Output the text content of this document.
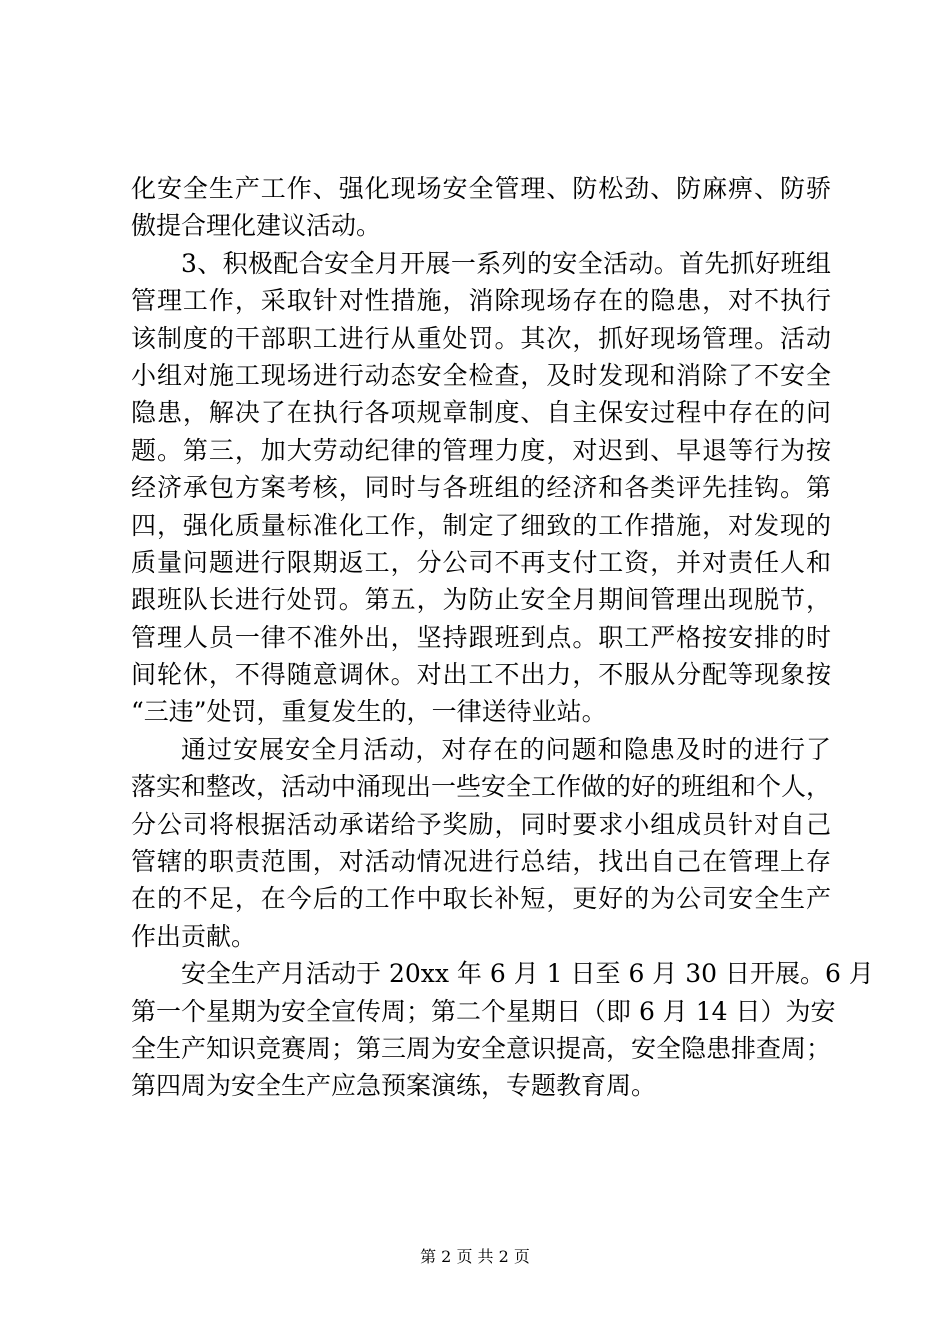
化安全生产工作、强化现场安全管理、防松劲、防麻痹、防骄
傲提合理化建议活动。
3、积极配合安全月开展一系列的安全活动。首先抓好班组
管理工作，采取针对性措施，消除现场存在的隐患，对不执行
该制度的干部职工进行从重处罚。其次，抓好现场管理。活动
小组对施工现场进行动态安全检查，及时发现和消除了不安全
隐患，解决了在执行各项规章制度、自主保安过程中存在的问
题。第三，加大劳动纪律的管理力度，对迟到、早退等行为按
经济承包方案考核，同时与各班组的经济和各类评先挂钩。第
四，强化质量标准化工作，制定了细致的工作措施，对发现的
质量问题进行限期返工，分公司不再支付工资，并对责任人和
跟班队长进行处罚。第五，为防止安全月期间管理出现脱节，
管理人员一律不准外出，坚持跟班到点。职工严格按安排的时
间轮休，不得随意调休。对出工不出力，不服从分配等现象按
“三违”处罚，重复发生的，一律送待业站。
通过安展安全月活动，对存在的问题和隐患及时的进行了
落实和整改，活动中涌现出一些安全工作做的好的班组和个人，
分公司将根据活动承诺给予奖励，同时要求小组成员针对自己
管辖的职责范围，对活动情况进行总结，找出自己在管理上存
在的不足，在今后的工作中取长补短，更好的为公司安全生产
作出贡献。
安全生产月活动于 20xx 年 6 月 1 日至 6 月 30 日开展。6 月
第一个星期为安全宣传周；第二个星期日（即 6 月 14 日）为安
全生产知识竞赛周；第三周为安全意识提高，安全隐患排查周；
第四周为安全生产应急预案演练，专题教育周。
第 2 页 共 2 页
